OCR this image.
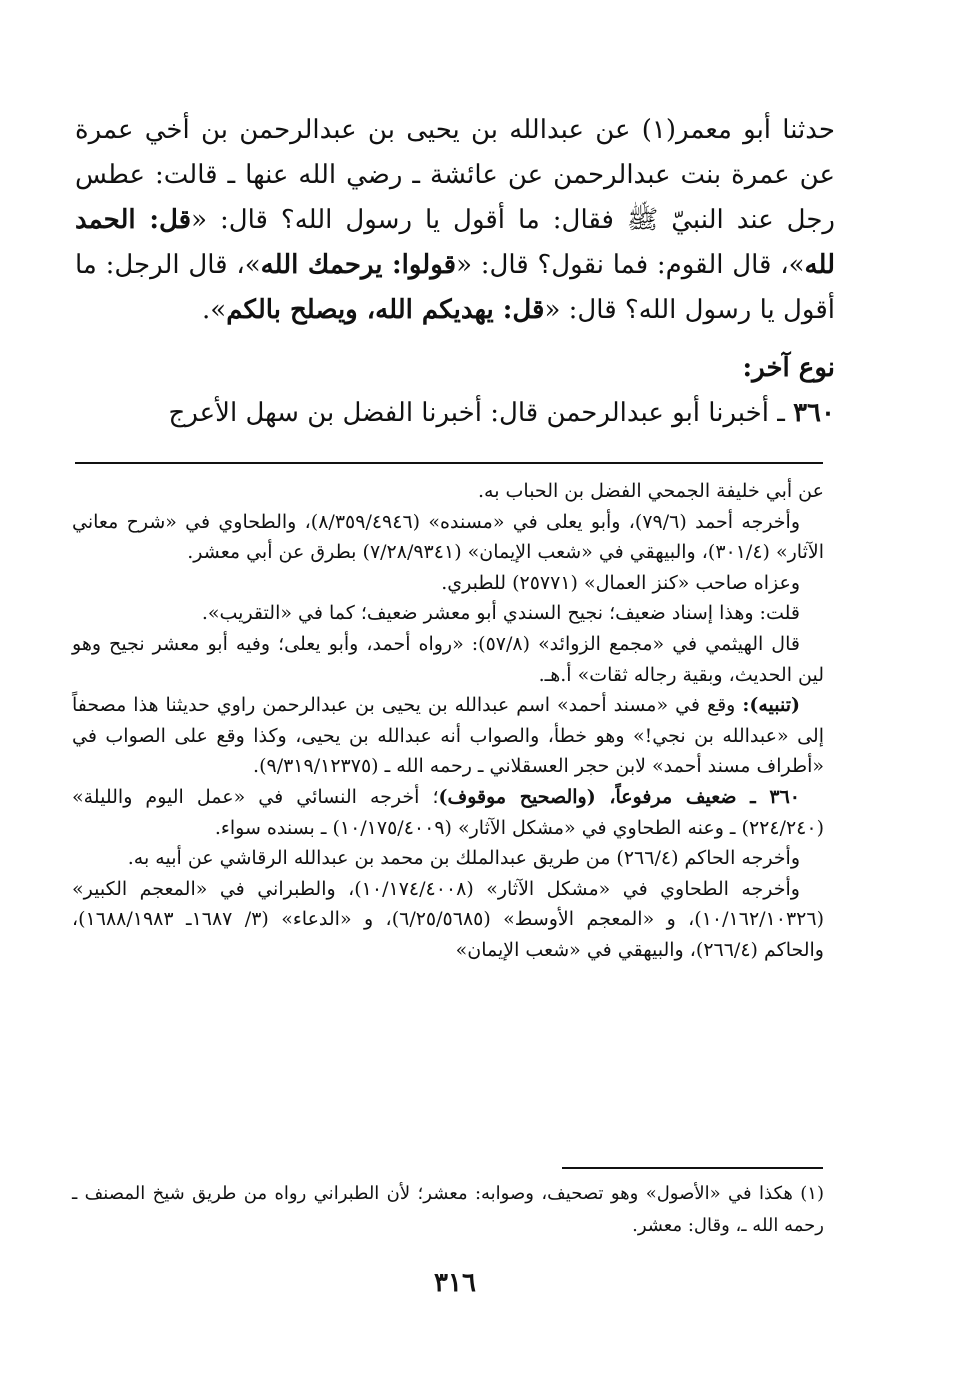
حدثنا أبو معمر(١) عن عبدالله بن يحيى بن عبدالرحمن بن أخي عمرة عن عمرة بنت عبدالرحمن عن عائشة ـ رضي الله عنها ـ قالت: عطس رجل عند النبيّ ﷺ فقال: ما أقول يا رسول الله؟ قال: «قل: الحمد لله»، قال القوم: فما نقول؟ قال: «قولوا: يرحمك الله»، قال الرجل: ما أقول يا رسول الله؟ قال: «قل: يهديكم الله، ويصلح بالكم».

نوع آخر:

٣٦٠ ـ أخبرنا أبو عبدالرحمن قال: أخبرنا الفضل بن سهل الأعرج

عن أبي خليفة الجمحي الفضل بن الحباب به.

وأخرجه أحمد (٧٩/٦)، وأبو يعلى في «مسنده» (٨/٣٥٩/٤٩٤٦)، والطحاوي في «شرح معاني الآثار» (٣٠١/٤)، والبيهقي في «شعب الإيمان» (٧/٢٨/٩٣٤١) بطرق عن أبي معشر.

وعزاه صاحب «كنز العمال» (٢٥٧٧١) للطبري.

قلت: وهذا إسناد ضعيف؛ نجيح السندي أبو معشر ضعيف؛ كما في «التقريب».

قال الهيثمي في «مجمع الزوائد» (٥٧/٨): «رواه أحمد، وأبو يعلى؛ وفيه أبو معشر نجيح وهو لين الحديث، وبقية رجاله ثقات» أ.هـ.

(تنبيه): وقع في «مسند أحمد» اسم عبدالله بن يحيى بن عبدالرحمن راوي حديثنا هذا مصحفاً إلى «عبدالله بن نجي!» وهو خطأ، والصواب أنه عبدالله بن يحيى، وكذا وقع على الصواب في «أطراف مسند أحمد» لابن حجر العسقلاني ـ رحمه الله ـ (٩/٣١٩/١٢٣٧٥).

٣٦٠ ـ ضعيف مرفوعاً، (والصحيح موقوف)؛ أخرجه النسائي في «عمل اليوم والليلة» (٢٢٤/٢٤٠) ـ وعنه الطحاوي في «مشكل الآثار» (١٠/١٧٥/٤٠٠٩) ـ بسنده سواء.

وأخرجه الحاكم (٢٦٦/٤) من طريق عبدالملك بن محمد بن عبدالله الرقاشي عن أبيه به.

وأخرجه الطحاوي في «مشكل الآثار» (١٠/١٧٤/٤٠٠٨)، والطبراني في «المعجم الكبير» (١٠/١٦٢/١٠٣٢٦)، و «المعجم الأوسط» (٦/٢٥/٥٦٨٥)، و «الدعاء» (٣/ ١٦٨٧ـ ١٦٨٨/١٩٨٣)، والحاكم (٢٦٦/٤)، والبيهقي في «شعب الإيمان»

(١) هكذا في «الأصول» وهو تصحيف، وصوابه: معشر؛ لأن الطبراني رواه من طريق شيخ المصنف ـ رحمه الله ـ، وقال: معشر.

٣١٦
